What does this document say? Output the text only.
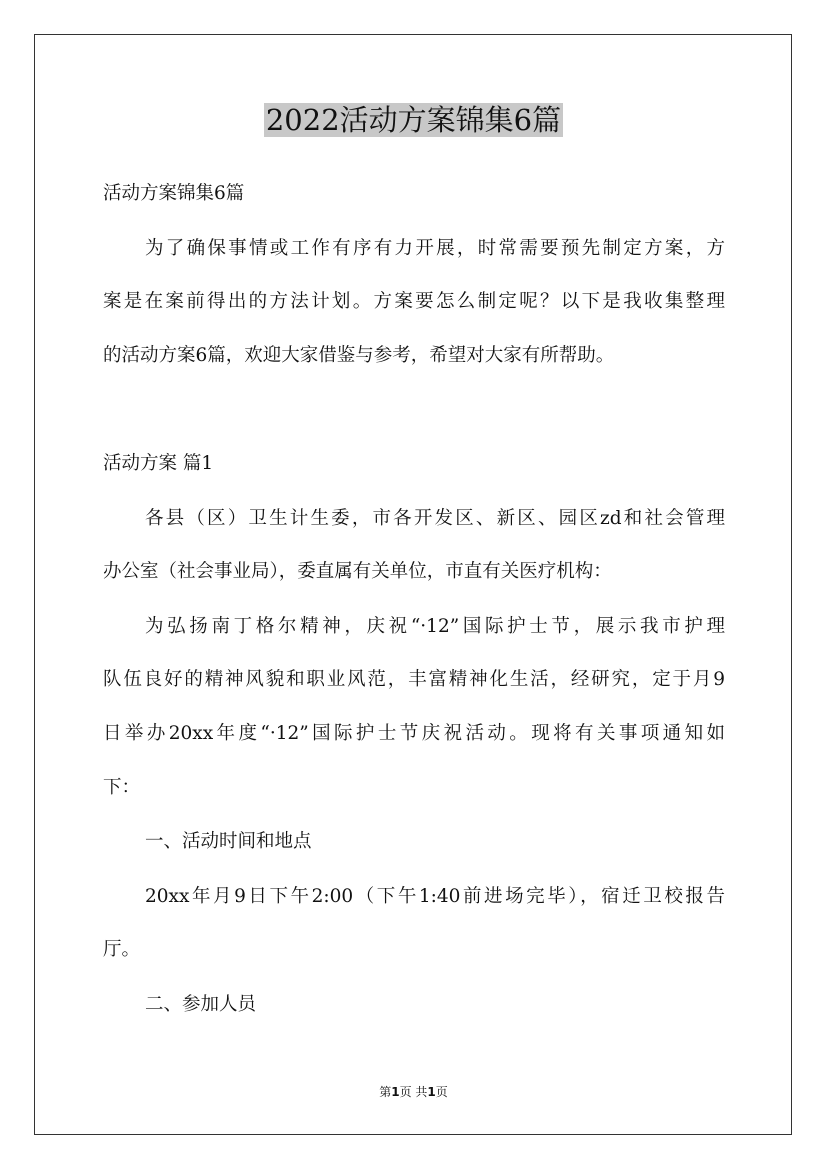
2022活动方案锦集6篇
活动方案锦集6篇
为了确保事情或工作有序有力开展，时常需要预先制定方案，方
案是在案前得出的方法计划。方案要怎么制定呢？以下是我收集整理
的活动方案6篇，欢迎大家借鉴与参考，希望对大家有所帮助。
活动方案 篇1
各县（区）卫生计生委，市各开发区、新区、园区zd和社会管理
办公室（社会事业局），委直属有关单位，市直有关医疗机构：
为弘扬南丁格尔精神，庆祝“·12”国际护士节，展示我市护理
队伍良好的精神风貌和职业风范，丰富精神化生活，经研究，定于月9
日举办20xx年度“·12”国际护士节庆祝活动。现将有关事项通知如
下：
一、活动时间和地点
20xx年月9日下午2:00（下午1:40前进场完毕），宿迁卫校报告
厅。
二、参加人员
第1页 共1页
